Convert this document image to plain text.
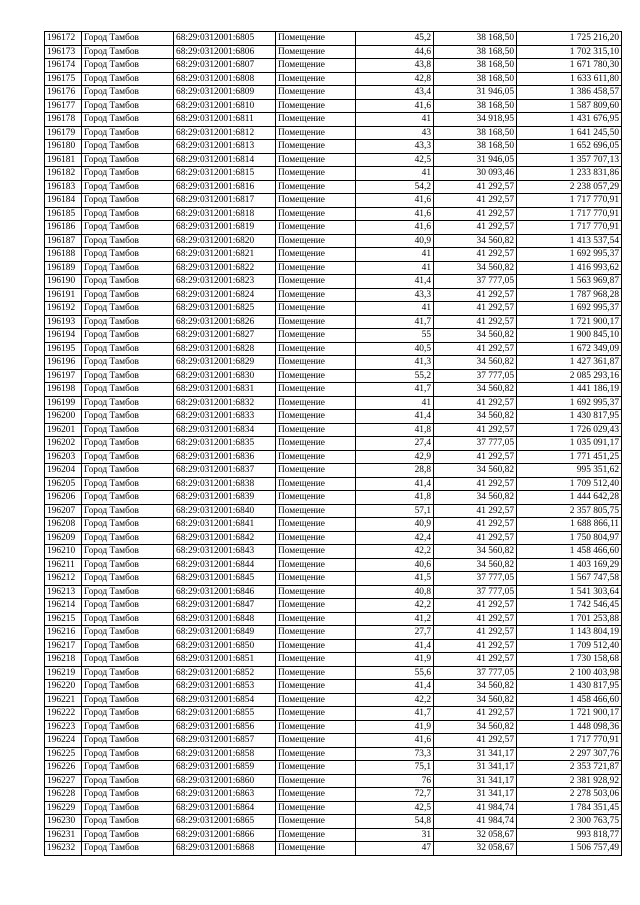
196172	Город Тамбов	68:29:0312001:6805	Помещение	45,2	38 168,50	1 725 216,20
196173	Город Тамбов	68:29:0312001:6806	Помещение	44,6	38 168,50	1 702 315,10
196174	Город Тамбов	68:29:0312001:6807	Помещение	43,8	38 168,50	1 671 780,30
196175	Город Тамбов	68:29:0312001:6808	Помещение	42,8	38 168,50	1 633 611,80
196176	Город Тамбов	68:29:0312001:6809	Помещение	43,4	31 946,05	1 386 458,57
196177	Город Тамбов	68:29:0312001:6810	Помещение	41,6	38 168,50	1 587 809,60
196178	Город Тамбов	68:29:0312001:6811	Помещение	41	34 918,95	1 431 676,95
196179	Город Тамбов	68:29:0312001:6812	Помещение	43	38 168,50	1 641 245,50
196180	Город Тамбов	68:29:0312001:6813	Помещение	43,3	38 168,50	1 652 696,05
196181	Город Тамбов	68:29:0312001:6814	Помещение	42,5	31 946,05	1 357 707,13
196182	Город Тамбов	68:29:0312001:6815	Помещение	41	30 093,46	1 233 831,86
196183	Город Тамбов	68:29:0312001:6816	Помещение	54,2	41 292,57	2 238 057,29
196184	Город Тамбов	68:29:0312001:6817	Помещение	41,6	41 292,57	1 717 770,91
196185	Город Тамбов	68:29:0312001:6818	Помещение	41,6	41 292,57	1 717 770,91
196186	Город Тамбов	68:29:0312001:6819	Помещение	41,6	41 292,57	1 717 770,91
196187	Город Тамбов	68:29:0312001:6820	Помещение	40,9	34 560,82	1 413 537,54
196188	Город Тамбов	68:29:0312001:6821	Помещение	41	41 292,57	1 692 995,37
196189	Город Тамбов	68:29:0312001:6822	Помещение	41	34 560,82	1 416 993,62
196190	Город Тамбов	68:29:0312001:6823	Помещение	41,4	37 777,05	1 563 969,87
196191	Город Тамбов	68:29:0312001:6824	Помещение	43,3	41 292,57	1 787 968,28
196192	Город Тамбов	68:29:0312001:6825	Помещение	41	41 292,57	1 692 995,37
196193	Город Тамбов	68:29:0312001:6826	Помещение	41,7	41 292,57	1 721 900,17
196194	Город Тамбов	68:29:0312001:6827	Помещение	55	34 560,82	1 900 845,10
196195	Город Тамбов	68:29:0312001:6828	Помещение	40,5	41 292,57	1 672 349,09
196196	Город Тамбов	68:29:0312001:6829	Помещение	41,3	34 560,82	1 427 361,87
196197	Город Тамбов	68:29:0312001:6830	Помещение	55,2	37 777,05	2 085 293,16
196198	Город Тамбов	68:29:0312001:6831	Помещение	41,7	34 560,82	1 441 186,19
196199	Город Тамбов	68:29:0312001:6832	Помещение	41	41 292,57	1 692 995,37
196200	Город Тамбов	68:29:0312001:6833	Помещение	41,4	34 560,82	1 430 817,95
196201	Город Тамбов	68:29:0312001:6834	Помещение	41,8	41 292,57	1 726 029,43
196202	Город Тамбов	68:29:0312001:6835	Помещение	27,4	37 777,05	1 035 091,17
196203	Город Тамбов	68:29:0312001:6836	Помещение	42,9	41 292,57	1 771 451,25
196204	Город Тамбов	68:29:0312001:6837	Помещение	28,8	34 560,82	995 351,62
196205	Город Тамбов	68:29:0312001:6838	Помещение	41,4	41 292,57	1 709 512,40
196206	Город Тамбов	68:29:0312001:6839	Помещение	41,8	34 560,82	1 444 642,28
196207	Город Тамбов	68:29:0312001:6840	Помещение	57,1	41 292,57	2 357 805,75
196208	Город Тамбов	68:29:0312001:6841	Помещение	40,9	41 292,57	1 688 866,11
196209	Город Тамбов	68:29:0312001:6842	Помещение	42,4	41 292,57	1 750 804,97
196210	Город Тамбов	68:29:0312001:6843	Помещение	42,2	34 560,82	1 458 466,60
196211	Город Тамбов	68:29:0312001:6844	Помещение	40,6	34 560,82	1 403 169,29
196212	Город Тамбов	68:29:0312001:6845	Помещение	41,5	37 777,05	1 567 747,58
196213	Город Тамбов	68:29:0312001:6846	Помещение	40,8	37 777,05	1 541 303,64
196214	Город Тамбов	68:29:0312001:6847	Помещение	42,2	41 292,57	1 742 546,45
196215	Город Тамбов	68:29:0312001:6848	Помещение	41,2	41 292,57	1 701 253,88
196216	Город Тамбов	68:29:0312001:6849	Помещение	27,7	41 292,57	1 143 804,19
196217	Город Тамбов	68:29:0312001:6850	Помещение	41,4	41 292,57	1 709 512,40
196218	Город Тамбов	68:29:0312001:6851	Помещение	41,9	41 292,57	1 730 158,68
196219	Город Тамбов	68:29:0312001:6852	Помещение	55,6	37 777,05	2 100 403,98
196220	Город Тамбов	68:29:0312001:6853	Помещение	41,4	34 560,82	1 430 817,95
196221	Город Тамбов	68:29:0312001:6854	Помещение	42,2	34 560,82	1 458 466,60
196222	Город Тамбов	68:29:0312001:6855	Помещение	41,7	41 292,57	1 721 900,17
196223	Город Тамбов	68:29:0312001:6856	Помещение	41,9	34 560,82	1 448 098,36
196224	Город Тамбов	68:29:0312001:6857	Помещение	41,6	41 292,57	1 717 770,91
196225	Город Тамбов	68:29:0312001:6858	Помещение	73,3	31 341,17	2 297 307,76
196226	Город Тамбов	68:29:0312001:6859	Помещение	75,1	31 341,17	2 353 721,87
196227	Город Тамбов	68:29:0312001:6860	Помещение	76	31 341,17	2 381 928,92
196228	Город Тамбов	68:29:0312001:6863	Помещение	72,7	31 341,17	2 278 503,06
196229	Город Тамбов	68:29:0312001:6864	Помещение	42,5	41 984,74	1 784 351,45
196230	Город Тамбов	68:29:0312001:6865	Помещение	54,8	41 984,74	2 300 763,75
196231	Город Тамбов	68:29:0312001:6866	Помещение	31	32 058,67	993 818,77
196232	Город Тамбов	68:29:0312001:6868	Помещение	47	32 058,67	1 506 757,49
